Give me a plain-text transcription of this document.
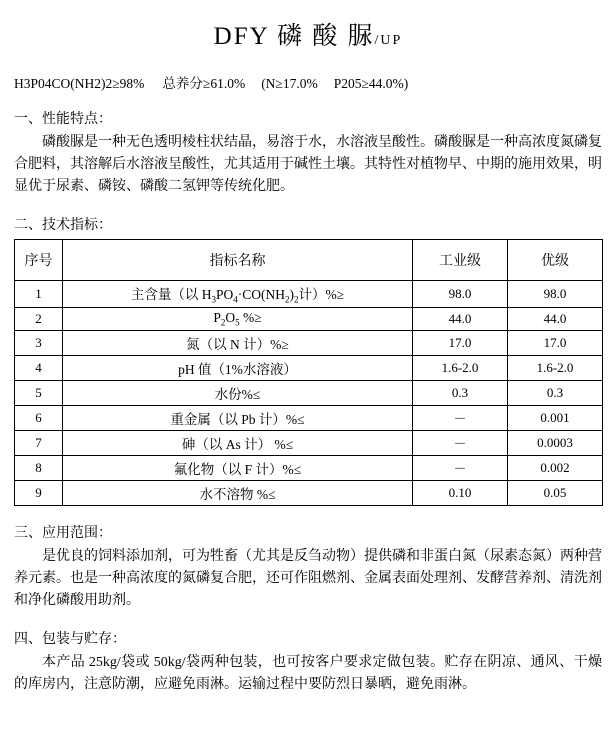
DFY 磷 酸 脲/UP
H3P04CO(NH2)2≥98% 总养分≥61.0% (N≥17.0% P205≥44.0%)
一、性能特点：
磷酸脲是一种无色透明棱柱状结晶，易溶于水，水溶液呈酸性。磷酸脲是一种高浓度氮磷复合肥料，其溶解后水溶液呈酸性，尤其适用于碱性土壤。其特性对植物早、中期的施用效果，明显优于尿素、磷铵、磷酸二氢钾等传统化肥。
二、技术指标：
序号	指标名称	工业级	优级
1	主含量（以 $H_3PO_4\cdot CO(NH_2)_2$计）%≥	98.0	98.0
2	$P_2O_5$ %≥	44.0	44.0
3	氮（以 N 计）%≥	17.0	17.0
4	pH 值（1%水溶液）	1.6-2.0	1.6-2.0
5	水份%≤	0.3	0.3
6	重金属（以 Pb 计）%≤	－	0.001
7	砷（以 As 计） %≤	－	0.0003
8	氟化物（以 F 计）%≤	－	0.002
9	水不溶物 %≤	0.10	0.05
三、应用范围：
是优良的饲料添加剂，可为牲畜（尤其是反刍动物）提供磷和非蛋白氮（尿素态氮）两种营养元素。也是一种高浓度的氮磷复合肥，还可作阻燃剂、金属表面处理剂、发酵营养剂、清洗剂和净化磷酸用助剂。
四、包装与贮存：
本产品 25kg/袋或 50kg/袋两种包装，也可按客户要求定做包装。贮存在阴凉、通风、干燥的库房内，注意防潮，应避免雨淋。运输过程中要防烈日暴晒，避免雨淋。
